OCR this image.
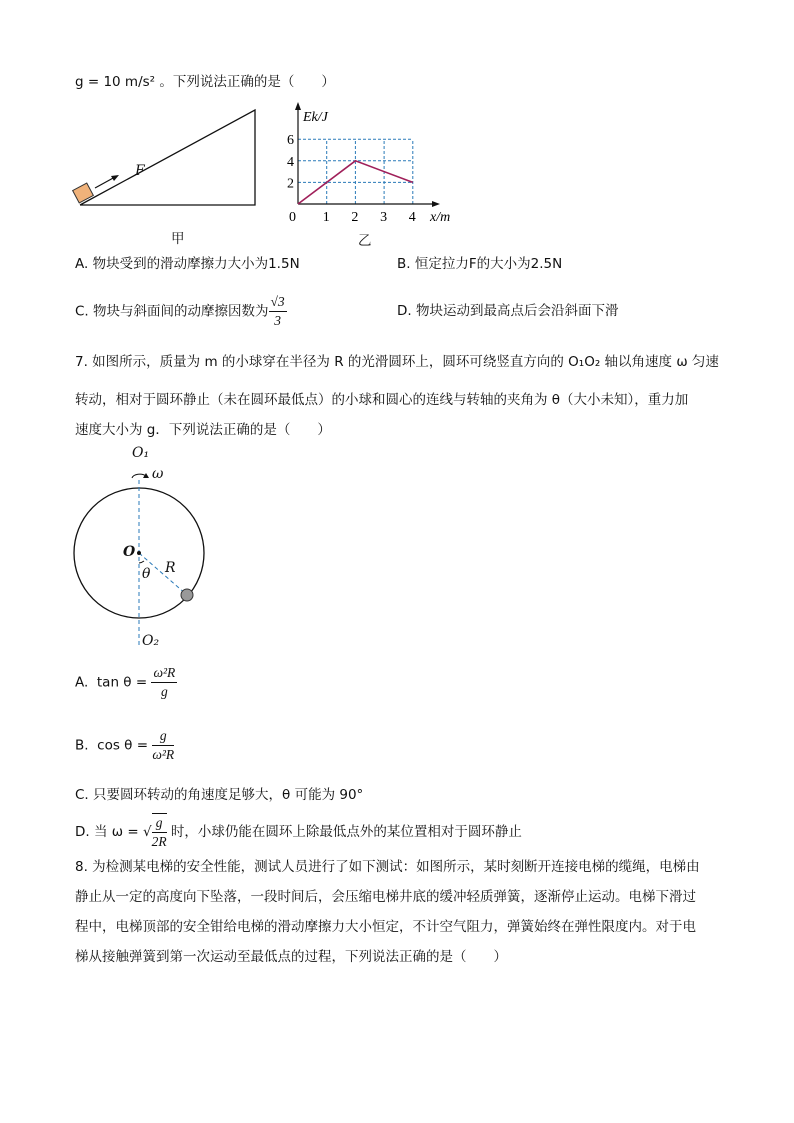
g = 10 m/s² 。下列说法正确的是（　　）
2
4
6
0 1 2 3 4
Ek/J
x/m
F
甲	乙
A. 物块受到的滑动摩擦力大小为1.5N	B. 恒定拉力F的大小为2.5N
C. 物块与斜面间的动摩擦因数为 $\frac{√3}{3}$	D. 物块运动到最高点后会沿斜面下滑
7. 如图所示，质量为 m 的小球穿在半径为 R 的光滑圆环上，圆环可绕竖直方向的 O₁O₂ 轴以角速度 ω 匀速
转动，相对于圆环静止（未在圆环最低点）的小球和圆心的连线与转轴的夹角为 θ（大小未知），重力加
速度大小为 g．下列说法正确的是（　　）
O₁
ω
O
θ R
O₂
A. $\tan \theta = \frac{\text{ω²R}}{g}$
B. $\cos \theta = \frac{g}{\text{ω²R}}$
C. 只要圆环转动的角速度足够大，θ 可能为 90°
D. 当 ω = √ $\frac{g}{2R}$ 时，小球仍能在圆环上除最低点外的某位置相对于圆环静止
8. 为检测某电梯的安全性能，测试人员进行了如下测试：如图所示，某时刻断开连接电梯的缆绳，电梯由
静止从一定的高度向下坠落，一段时间后，会压缩电梯井底的缓冲轻质弹簧，逐渐停止运动。电梯下滑过
程中，电梯顶部的安全钳给电梯的滑动摩擦力大小恒定，不计空气阻力，弹簧始终在弹性限度内。对于电
梯从接触弹簧到第一次运动至最低点的过程，下列说法正确的是（　　）
